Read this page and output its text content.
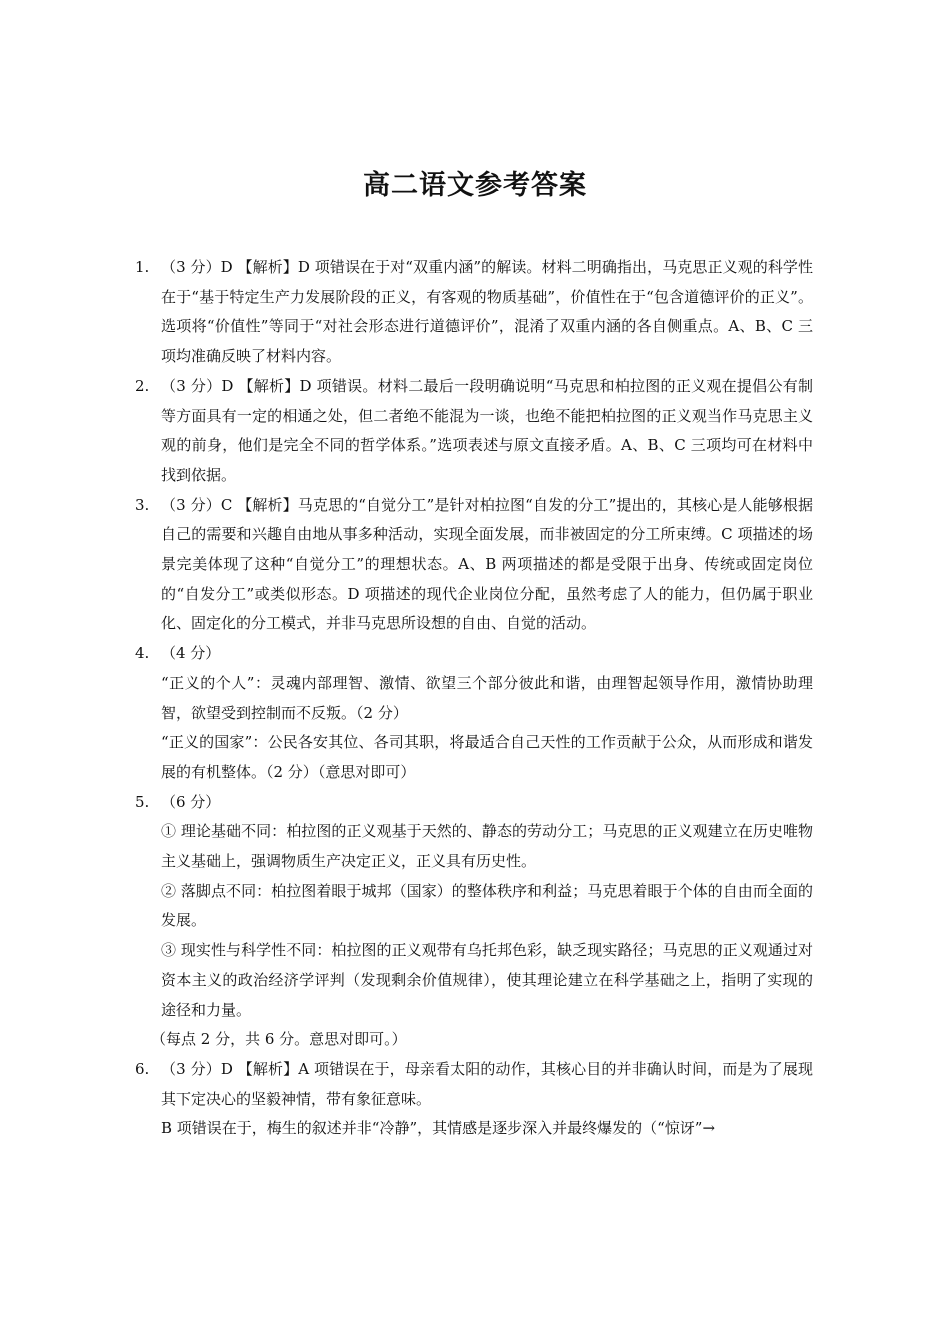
高二语文参考答案
1. （3 分）D 【解析】D 项错误在于对“双重内涵”的解读。材料二明确指出，马克思正义观的科学性在于“基于特定生产力发展阶段的正义，有客观的物质基础”，价值性在于“包含道德评价的正义”。选项将“价值性”等同于“对社会形态进行道德评价”，混淆了双重内涵的各自侧重点。A、B、C 三项均准确反映了材料内容。
2. （3 分）D 【解析】D 项错误。材料二最后一段明确说明“马克思和柏拉图的正义观在提倡公有制等方面具有一定的相通之处，但二者绝不能混为一谈，也绝不能把柏拉图的正义观当作马克思主义观的前身，他们是完全不同的哲学体系。”选项表述与原文直接矛盾。A、B、C 三项均可在材料中找到依据。
3. （3 分）C 【解析】马克思的“自觉分工”是针对柏拉图“自发的分工”提出的，其核心是人能够根据自己的需要和兴趣自由地从事多种活动，实现全面发展，而非被固定的分工所束缚。C 项描述的场景完美体现了这种“自觉分工”的理想状态。A、B 两项描述的都是受限于出身、传统或固定岗位的“自发分工”或类似形态。D 项描述的现代企业岗位分配，虽然考虑了人的能力，但仍属于职业化、固定化的分工模式，并非马克思所设想的自由、自觉的活动。
4. （4 分）
“正义的个人”：灵魂内部理智、激情、欲望三个部分彼此和谐，由理智起领导作用，激情协助理智，欲望受到控制而不反叛。（2 分）
“正义的国家”：公民各安其位、各司其职，将最适合自己天性的工作贡献于公众，从而形成和谐发展的有机整体。（2 分）（意思对即可）
5. （6 分）
① 理论基础不同：柏拉图的正义观基于天然的、静态的劳动分工；马克思的正义观建立在历史唯物主义基础上，强调物质生产决定正义，正义具有历史性。
② 落脚点不同：柏拉图着眼于城邦（国家）的整体秩序和利益；马克思着眼于个体的自由而全面的发展。
③ 现实性与科学性不同：柏拉图的正义观带有乌托邦色彩，缺乏现实路径；马克思的正义观通过对资本主义的政治经济学评判（发现剩余价值规律），使其理论建立在科学基础之上，指明了实现的途径和力量。
（每点 2 分，共 6 分。意思对即可。）
6. （3 分）D 【解析】A 项错误在于，母亲看太阳的动作，其核心目的并非确认时间，而是为了展现其下定决心的坚毅神情，带有象征意味。
B 项错误在于，梅生的叙述并非“冷静”，其情感是逐步深入并最终爆发的（“惊讶”→
